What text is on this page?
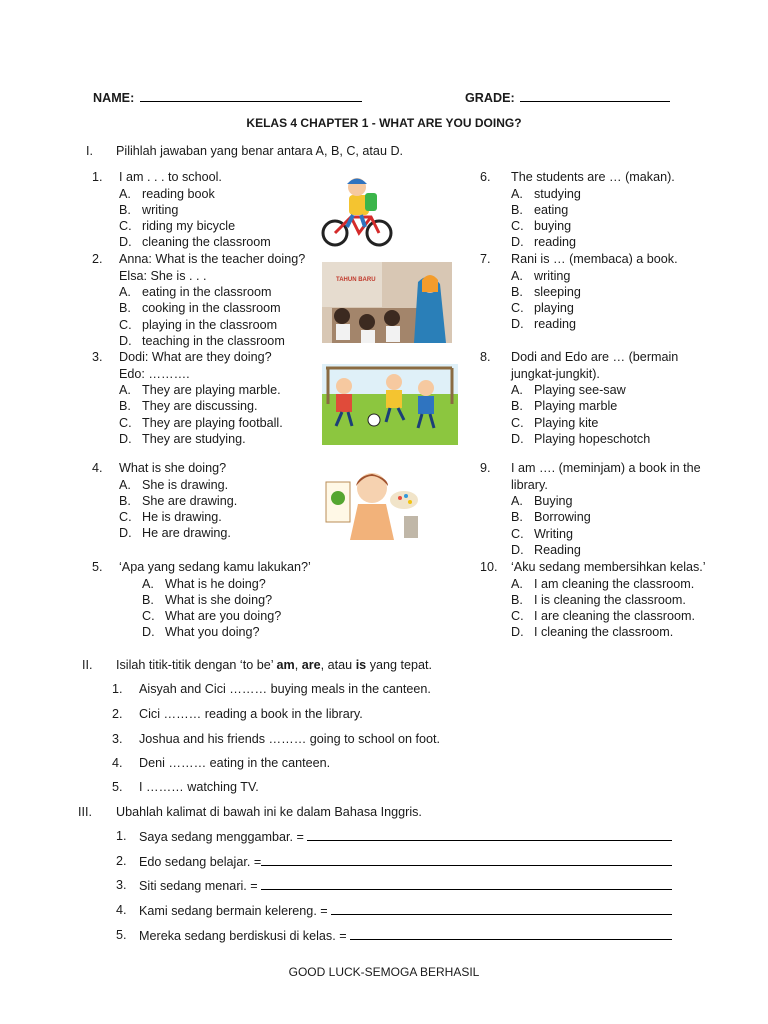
NAME:	GRADE:
KELAS 4 CHAPTER 1 - WHAT ARE YOU DOING?
I. Pilihlah jawaban yang benar antara A, B, C, atau D.
1. I am . . . to school.
A. reading book
B. writing
C. riding my bicycle
D. cleaning the classroom
2. Anna: What is the teacher doing?
Elsa: She is . . .
A. eating in the classroom
B. cooking in the classroom
C. playing in the classroom
D. teaching in the classroom
3. Dodi: What are they doing?
Edo: ……….
A. They are playing marble.
B. They are discussing.
C. They are playing football.
D. They are studying.
4. What is she doing?
A. She is drawing.
B. She are drawing.
C. He is drawing.
D. He are drawing.
5. ‘Apa yang sedang kamu lakukan?’
A. What is he doing?
B. What is she doing?
C. What are you doing?
D. What you doing?
6. The students are … (makan).
A. studying
B. eating
C. buying
D. reading
7. Rani is … (membaca) a book.
A. writing
B. sleeping
C. playing
D. reading
8. Dodi and Edo are … (bermain
jungkat-jungkit).
A. Playing see-saw
B. Playing marble
C. Playing kite
D. Playing hopeschotch
9. I am …. (meminjam) a book in the
library.
A. Buying
B. Borrowing
C. Writing
D. Reading
10. ‘Aku sedang membersihkan kelas.’
A. I am cleaning the classroom.
B. I is cleaning the classroom.
C. I are cleaning the classroom.
D. I cleaning the classroom.
TAHUN BARU
II. Isilah titik-titik dengan ‘to be’ am, are, atau is yang tepat.
1. Aisyah and Cici ……… buying meals in the canteen.
2. Cici ……… reading a book in the library.
3. Joshua and his friends ……… going to school on foot.
4. Deni ……… eating in the canteen.
5. I ……… watching TV.
III. Ubahlah kalimat di bawah ini ke dalam Bahasa Inggris.
1. Saya sedang menggambar. =
2. Edo sedang belajar. =
3. Siti sedang menari. =
4. Kami sedang bermain kelereng. =
5. Mereka sedang berdiskusi di kelas. =
GOOD LUCK-SEMOGA BERHASIL
